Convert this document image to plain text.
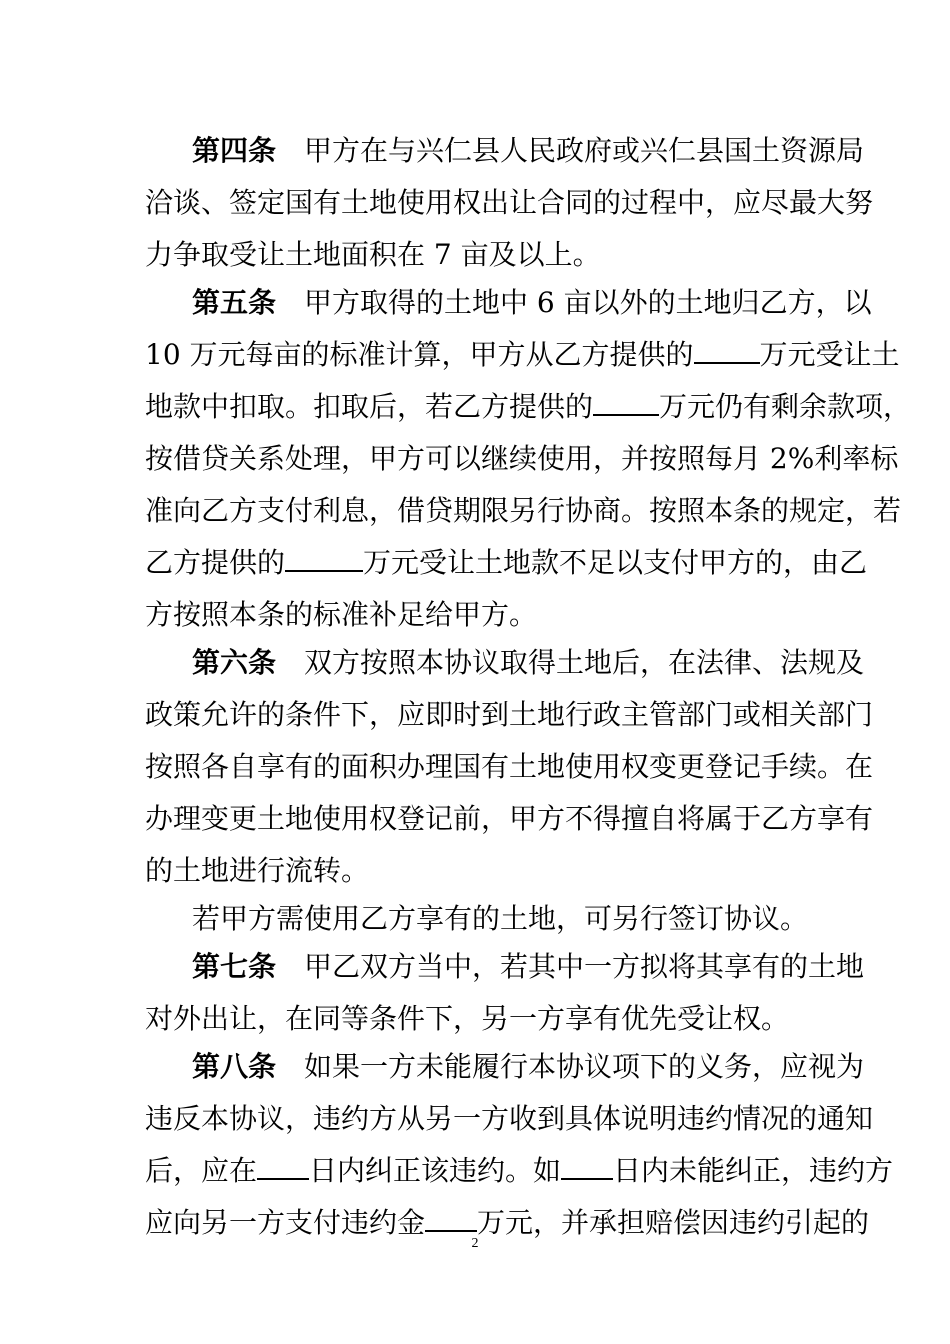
第四条 甲方在与兴仁县人民政府或兴仁县国土资源局
洽谈、签定国有土地使用权出让合同的过程中，应尽最大努
力争取受让土地面积在 7 亩及以上。
第五条 甲方取得的土地中 6 亩以外的土地归乙方，以
10 万元每亩的标准计算，甲方从乙方提供的 万元受让土
地款中扣取。扣取后，若乙方提供的 万元仍有剩余款项，
按借贷关系处理，甲方可以继续使用，并按照每月 2%利率标
准向乙方支付利息，借贷期限另行协商。按照本条的规定，若
乙方提供的	万元受让土地款不足以支付甲方的，由乙
方按照本条的标准补足给甲方。
第六条 双方按照本协议取得土地后，在法律、法规及
政策允许的条件下，应即时到土地行政主管部门或相关部门
按照各自享有的面积办理国有土地使用权变更登记手续。在
办理变更土地使用权登记前，甲方不得擅自将属于乙方享有
的土地进行流转。
若甲方需使用乙方享有的土地，可另行签订协议。
第七条 甲乙双方当中，若其中一方拟将其享有的土地
对外出让，在同等条件下，另一方享有优先受让权。
第八条 如果一方未能履行本协议项下的义务，应视为
违反本协议，违约方从另一方收到具体说明违约情况的通知
后，应在 日内纠正该违约。如 日内未能纠正，违约方
应向另一方支付违约金 万元，并承担赔偿因违约引起的
2
